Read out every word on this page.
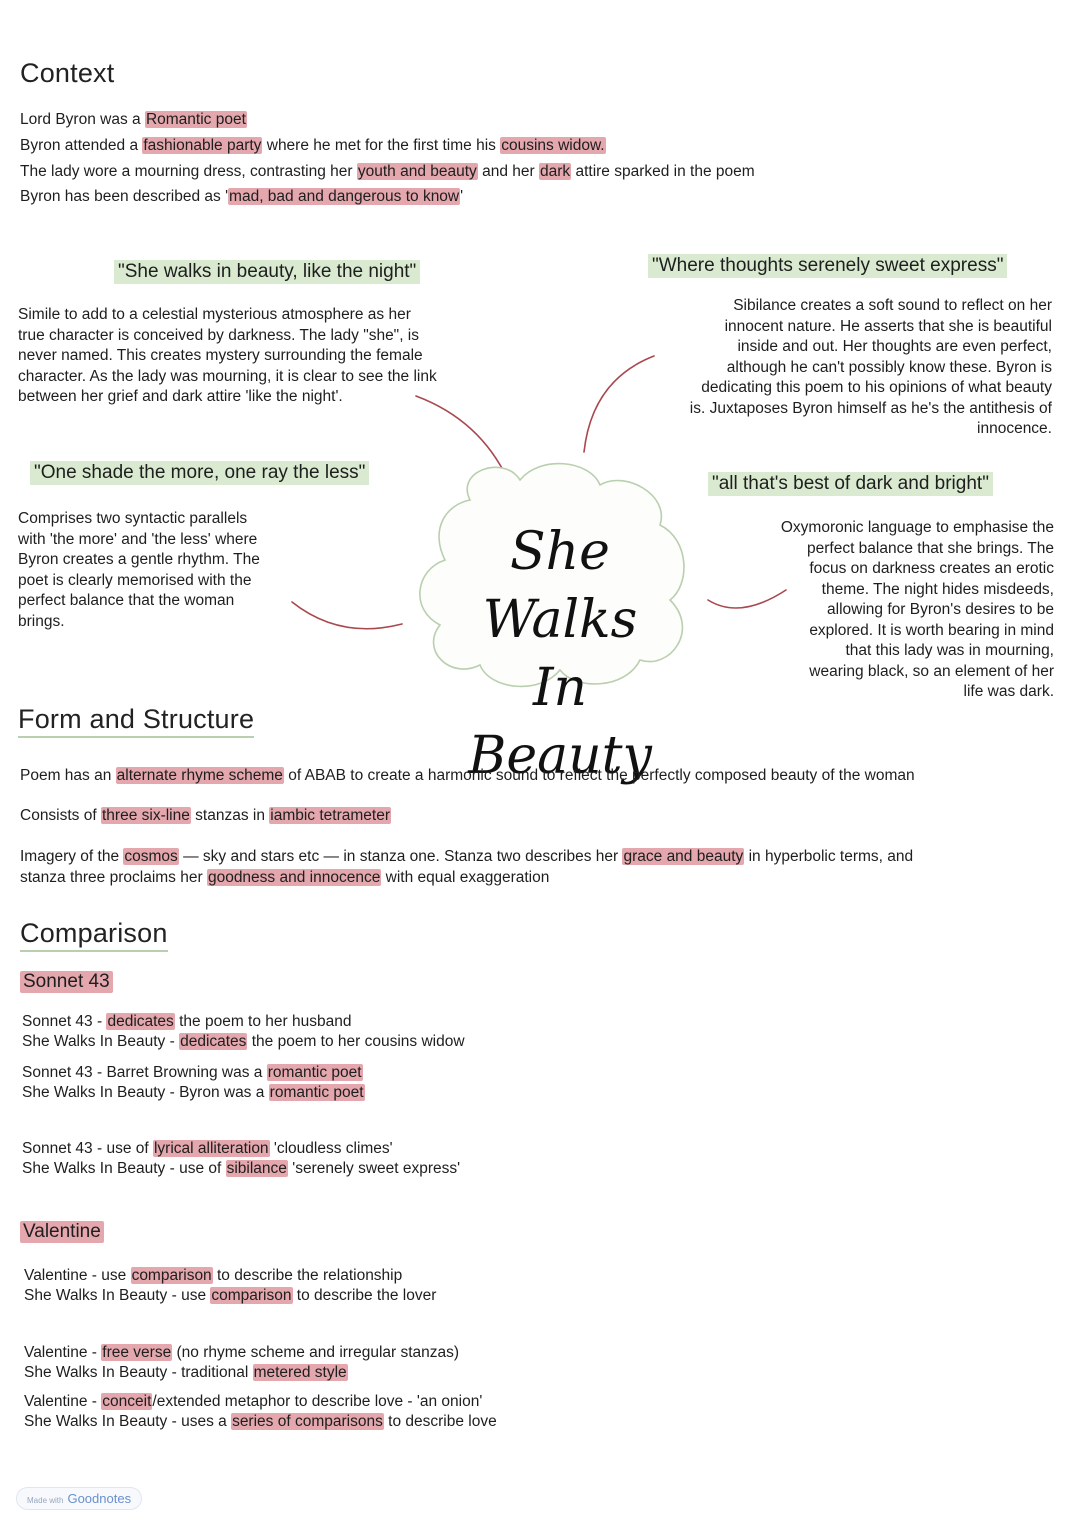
Context
Lord Byron was a Romantic poet
Byron attended a fashionable party where he met for the first time his cousins widow.
The lady wore a mourning dress, contrasting her youth and beauty and her dark attire sparked in the poem
Byron has been described as 'mad, bad and dangerous to know'
She Walks
In Beauty
"She walks in beauty, like the night"
Simile to add to a celestial mysterious atmosphere as her
true character is conceived by darkness. The lady "she", is
never named. This creates mystery surrounding the female
character. As the lady was mourning, it is clear to see the link
between her grief and dark attire 'like the night'.
"Where thoughts serenely sweet express"
Sibilance creates a soft sound to reflect on her
innocent nature. He asserts that she is beautiful
inside and out. Her thoughts are even perfect,
although he can't possibly know these. Byron is
dedicating this poem to his opinions of what beauty
is. Juxtaposes Byron himself as he's the antithesis of
innocence.
"One shade the more, one ray the less"
Comprises two syntactic parallels
with 'the more' and 'the less' where
Byron creates a gentle rhythm. The
poet is clearly memorised with the
perfect balance that the woman
brings.
"all that's best of dark and bright"
Oxymoronic language to emphasise the
perfect balance that she brings. The
focus on darkness creates an erotic
theme. The night hides misdeeds,
allowing for Byron's desires to be
explored. It is worth bearing in mind
that this lady was in mourning,
wearing black, so an element of her
life was dark.
Form and Structure
Poem has an alternate rhyme scheme of ABAB to create a harmonic sound to reflect the perfectly composed beauty of the woman
Consists of three six-line stanzas in iambic tetrameter
Imagery of the cosmos — sky and stars etc — in stanza one. Stanza two describes her grace and beauty in hyperbolic terms, and
stanza three proclaims her goodness and innocence with equal exaggeration
Comparison
Sonnet 43
Sonnet 43 - dedicates the poem to her husband
She Walks In Beauty - dedicates the poem to her cousins widow
Sonnet 43 - Barret Browning was a romantic poet
She Walks In Beauty - Byron was a romantic poet
Sonnet 43 - use of lyrical alliteration 'cloudless climes'
She Walks In Beauty - use of sibilance 'serenely sweet express'
Valentine
Valentine - use comparison to describe the relationship
She Walks In Beauty - use comparison to describe the lover
Valentine - free verse (no rhyme scheme and irregular stanzas)
She Walks In Beauty - traditional metered style
Valentine - conceit/extended metaphor to describe love - 'an onion'
She Walks In Beauty - uses a series of comparisons to describe love
Made with Goodnotes
